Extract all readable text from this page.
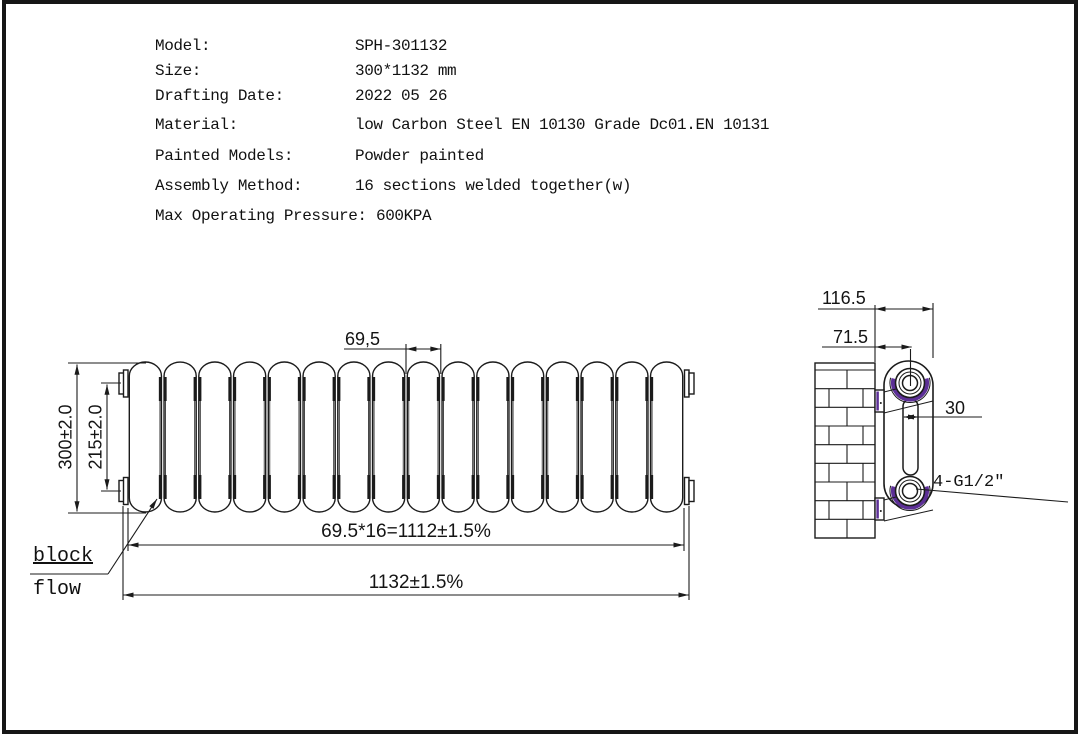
Model:	SPH-301132
Size:	300*1132 mm
Drafting Date:	2022 05 26
Material:	low Carbon Steel EN 10130 Grade Dc01.EN 10131
Painted Models:	Powder painted
Assembly Method:	16 sections welded together(w)
Max Operating Pressure: 600KPA
69,5
300±2.0 215±2.0
69.5*16=1112±1.5%
1132±1.5%
block
flow
116.5
71.5
30
4-G1/2″
